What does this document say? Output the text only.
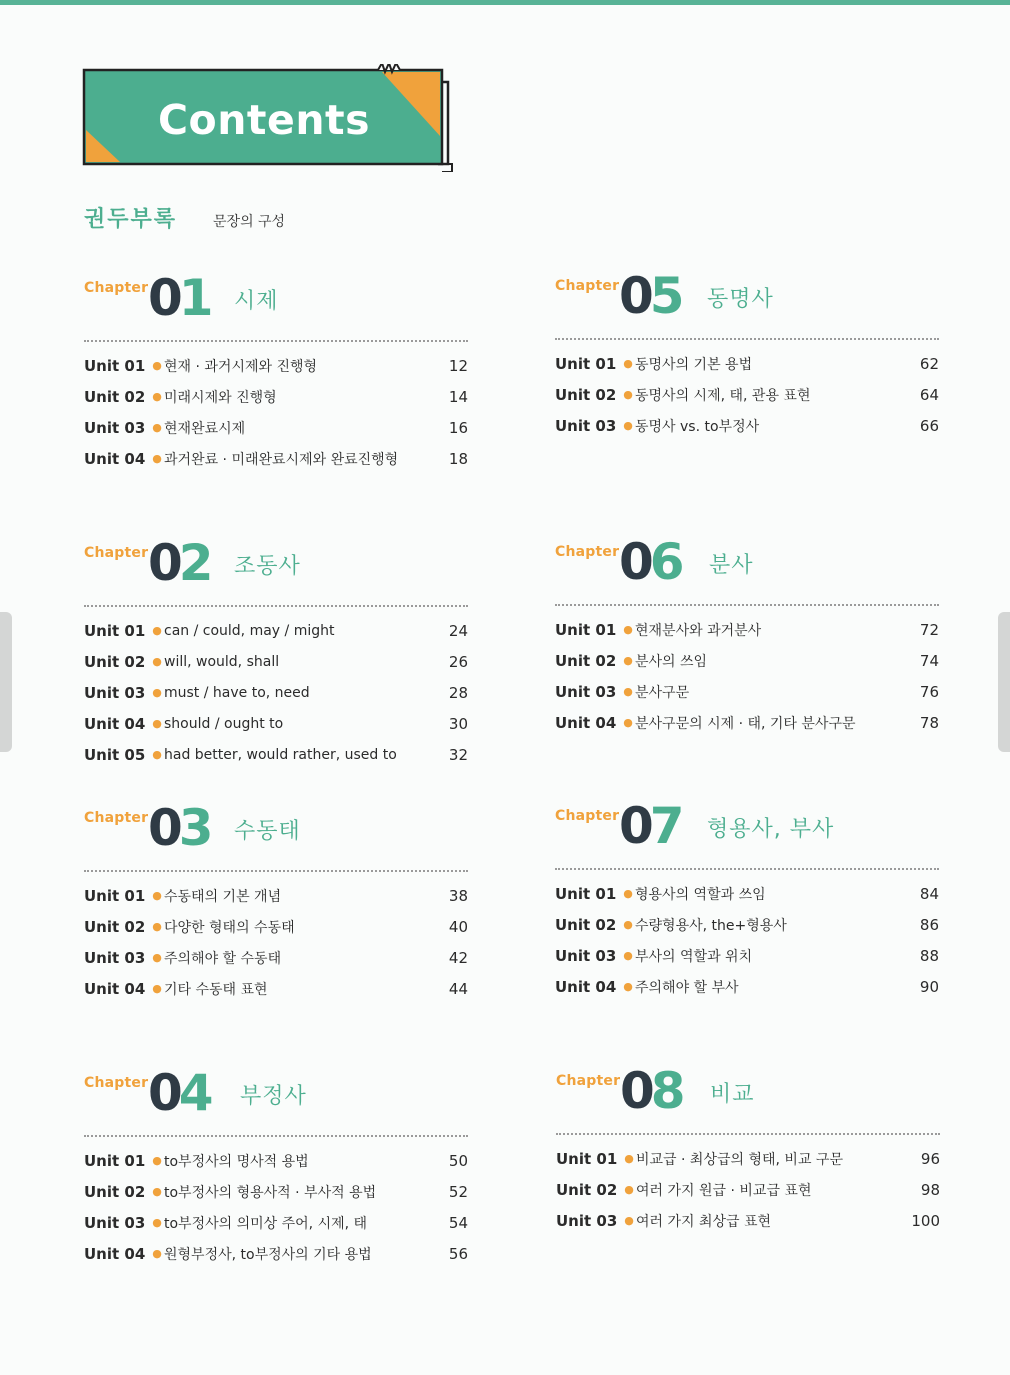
Contents
권두부록	문장의 구성
Chapter 01 시제
Unit 01 ● 현재 · 과거시제와 진행형	12
Unit 02 ● 미래시제와 진행형	14
Unit 03 ● 현재완료시제	16
Unit 04 ● 과거완료 · 미래완료시제와 완료진행형	18
Chapter 02 조동사
Unit 01 ● can / could, may / might	24
Unit 02 ● will, would, shall	26
Unit 03 ● must / have to, need	28
Unit 04 ● should / ought to	30
Unit 05 ● had better, would rather, used to	32
Chapter 03 수동태
Unit 01 ● 수동태의 기본 개념	38
Unit 02 ● 다양한 형태의 수동태	40
Unit 03 ● 주의해야 할 수동태	42
Unit 04 ● 기타 수동태 표현	44
Chapter 04 부정사
Unit 01 ● to부정사의 명사적 용법	50
Unit 02 ● to부정사의 형용사적 · 부사적 용법	52
Unit 03 ● to부정사의 의미상 주어, 시제, 태	54
Unit 04 ● 원형부정사, to부정사의 기타 용법	56
Chapter 05 동명사
Unit 01 ● 동명사의 기본 용법	62
Unit 02 ● 동명사의 시제, 태, 관용 표현	64
Unit 03 ● 동명사 vs. to부정사	66
Chapter 06 분사
Unit 01 ● 현재분사와 과거분사	72
Unit 02 ● 분사의 쓰임	74
Unit 03 ● 분사구문	76
Unit 04 ● 분사구문의 시제 · 태, 기타 분사구문	78
Chapter 07 형용사, 부사
Unit 01 ● 형용사의 역할과 쓰임	84
Unit 02 ● 수량형용사, the+형용사	86
Unit 03 ● 부사의 역할과 위치	88
Unit 04 ● 주의해야 할 부사	90
Chapter 08 비교
Unit 01 ● 비교급 · 최상급의 형태, 비교 구문	96
Unit 02 ● 여러 가지 원급 · 비교급 표현	98
Unit 03 ● 여러 가지 최상급 표현	100
